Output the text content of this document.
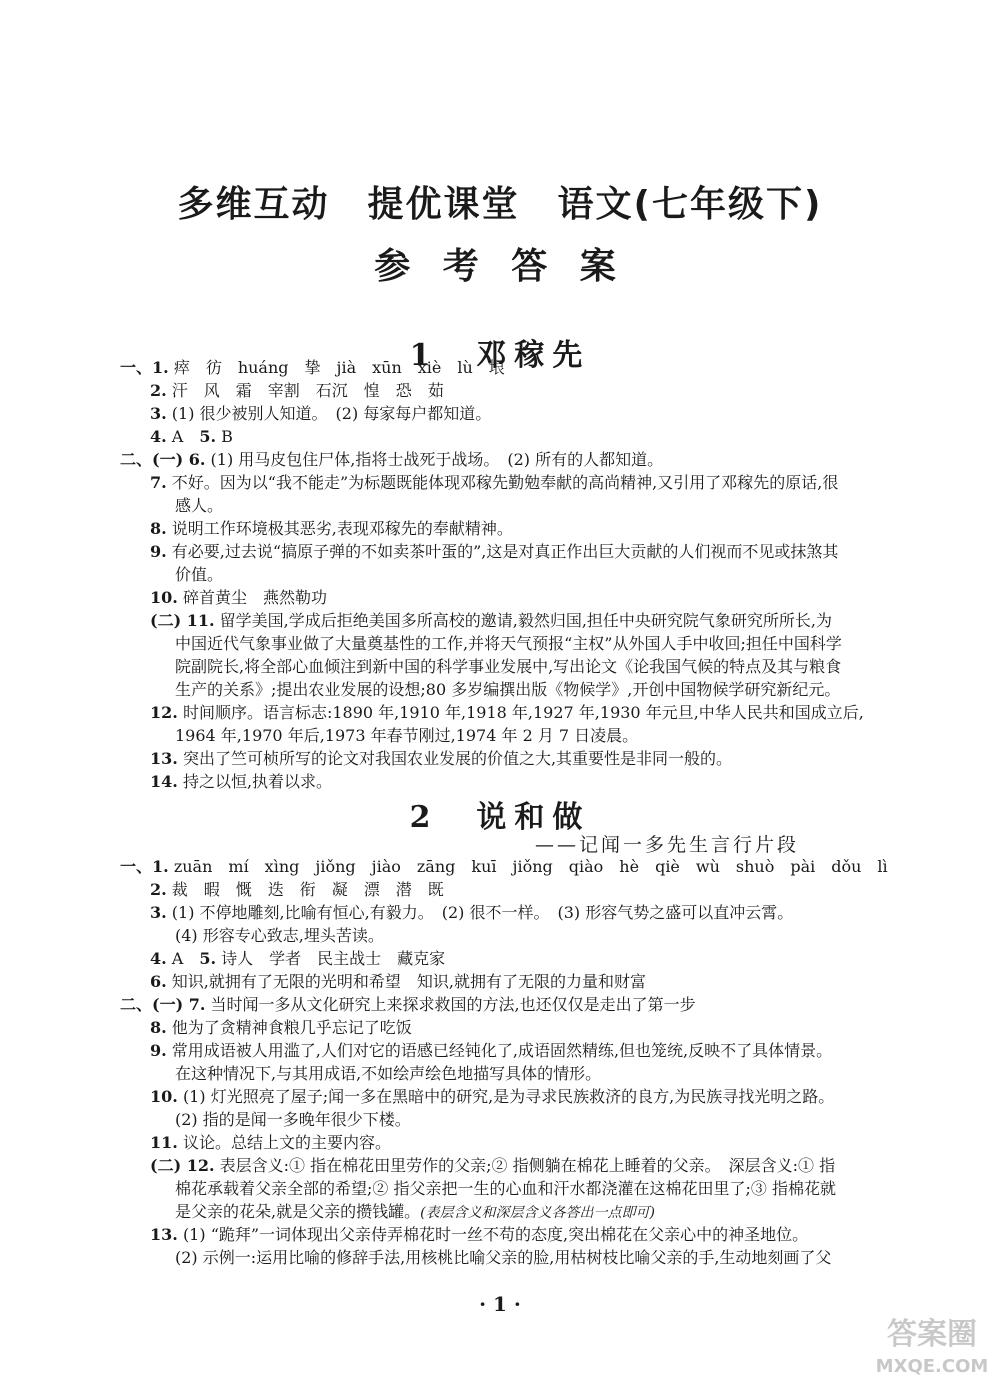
多维互动　提优课堂　语文(七年级下)
参 考 答 案
1　邓稼先
一、1. 瘁　彷　huáng　挚　jià　xūn　xiè　lù　垠
2. 汗　风　霜　宰割　石沉　惶　恐　茹
3. (1) 很少被别人知道。　(2) 每家每户都知道。
4. A　5. B
二、(一) 6. (1) 用马皮包住尸体,指将士战死于战场。　(2) 所有的人都知道。
7. 不好。因为以“我不能走”为标题既能体现邓稼先勤勉奉献的高尚精神,又引用了邓稼先的原话,很
感人。
8. 说明工作环境极其恶劣,表现邓稼先的奉献精神。
9. 有必要,过去说“搞原子弹的不如卖茶叶蛋的”,这是对真正作出巨大贡献的人们视而不见或抹煞其
价值。
10. 碎首黄尘　燕然勒功
(二) 11. 留学美国,学成后拒绝美国多所高校的邀请,毅然归国,担任中央研究院气象研究所所长,为
中国近代气象事业做了大量奠基性的工作,并将天气预报“主权”从外国人手中收回;担任中国科学
院副院长,将全部心血倾注到新中国的科学事业发展中,写出论文《论我国气候的特点及其与粮食
生产的关系》;提出农业发展的设想;80 多岁编撰出版《物候学》,开创中国物候学研究新纪元。
12. 时间顺序。语言标志:1890 年,1910 年,1918 年,1927 年,1930 年元旦,中华人民共和国成立后,
1964 年,1970 年后,1973 年春节刚过,1974 年 2 月 7 日凌晨。
13. 突出了竺可桢所写的论文对我国农业发展的价值之大,其重要性是非同一般的。
14. 持之以恒,执着以求。
2　说和做
——记闻一多先生言行片段
一、1. zuān　mí　xìng　jiǒng　jiào　zāng　kuī　jiǒng　qiào　hè　qiè　wù　shuò　pài　dǒu　lì
2. 裁　暇　慨　迭　衔　凝　漂　潜　既
3. (1) 不停地雕刻,比喻有恒心,有毅力。　(2) 很不一样。　(3) 形容气势之盛可以直冲云霄。
(4) 形容专心致志,埋头苦读。
4. A　5. 诗人　学者　民主战士　藏克家
6. 知识,就拥有了无限的光明和希望　知识,就拥有了无限的力量和财富
二、(一) 7. 当时闻一多从文化研究上来探求救国的方法,也还仅仅是走出了第一步
8. 他为了贪精神食粮几乎忘记了吃饭
9. 常用成语被人用滥了,人们对它的语感已经钝化了,成语固然精练,但也笼统,反映不了具体情景。
在这种情况下,与其用成语,不如绘声绘色地描写具体的情形。
10. (1) 灯光照亮了屋子;闻一多在黑暗中的研究,是为寻求民族救济的良方,为民族寻找光明之路。
(2) 指的是闻一多晚年很少下楼。
11. 议论。总结上文的主要内容。
(二) 12. 表层含义:① 指在棉花田里劳作的父亲;② 指侧躺在棉花上睡着的父亲。　深层含义:① 指
棉花承载着父亲全部的希望;② 指父亲把一生的心血和汗水都浇灌在这棉花田里了;③ 指棉花就
是父亲的花朵,就是父亲的攒钱罐。(表层含义和深层含义各答出一点即可)
13. (1) “跪拜”一词体现出父亲侍弄棉花时一丝不苟的态度,突出棉花在父亲心中的神圣地位。
(2) 示例一:运用比喻的修辞手法,用核桃比喻父亲的脸,用枯树枝比喻父亲的手,生动地刻画了父
· 1 ·
答案圈
MXQE.COM
